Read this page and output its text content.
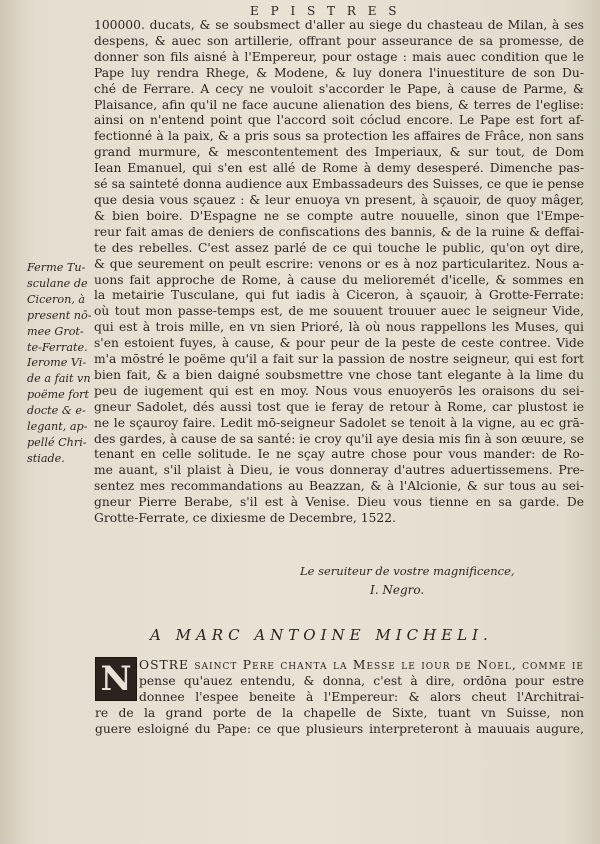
E P I S T R E S
100000. ducats, & se soubsmect d'aller au siege du chasteau de Milan, à ses
despens, & auec son artillerie, offrant pour asseurance de sa promesse, de
donner son fils aisné à l'Empereur, pour ostage : mais auec condition que le
Pape luy rendra Rhege, & Modene, & luy donera l'inuestiture de son Du-
ché de Ferrare. A cecy ne vouloit s'accorder le Pape, à cause de Parme, &
Plaisance, afin qu'il ne face aucune alienation des biens, & terres de l'eglise:
ainsi on n'entend point que l'accord soit cóclud encore. Le Pape est fort af-
fectionné à la paix, & a pris sous sa protection les affaires de Frâce, non sans
grand murmure, & mescontentement des Imperiaux, & sur tout, de Dom
Iean Emanuel, qui s'en est allé de Rome à demy desesperé. Dimenche pas-
sé sa sainteté donna audience aux Embassadeurs des Suisses, ce que ie pense
que desia vous sçauez : & leur enuoya vn present, à sçauoir, de quoy mâger,
& bien boire. D'Espagne ne se compte autre nouuelle, sinon que l'Empe-
reur fait amas de deniers de confiscations des bannis, & de la ruine & deffai-
te des rebelles. C'est assez parlé de ce qui touche le public, qu'on oyt dire,
& que seurement on peult escrire: venons or es à noz particularitez. Nous a-
uons fait approche de Rome, à cause du melioremét d'icelle, & sommes en
la metairie Tusculane, qui fut iadis à Ciceron, à sçauoir, à Grotte-Ferrate:
où tout mon passe-temps est, de me souuent trouuer auec le seigneur Vide,
qui est à trois mille, en vn sien Prioré, là où nous rappellons les Muses, qui
s'en estoient fuyes, à cause, & pour peur de la peste de ceste contree. Vide
m'a mōstré le poëme qu'il a fait sur la passion de nostre seigneur, qui est fort
bien fait, & a bien daigné soubsmettre vne chose tant elegante à la lime du
peu de iugement qui est en moy. Nous vous enuoyerōs les oraisons du sei-
gneur Sadolet, dés aussi tost que ie feray de retour à Rome, car plustost ie
ne le sçauroy faire. Ledit mō-seigneur Sadolet se tenoit à la vigne, au ec grā-
des gardes, à cause de sa santé: ie croy qu'il aye desia mis fin à son œuure, se
tenant en celle solitude. Ie ne sçay autre chose pour vous mander: de Ro-
me auant, s'il plaist à Dieu, ie vous donneray d'autres aduertissemens. Pre-
sentez mes recommandations au Beazzan, & à l'Alcionie, & sur tous au sei-
gneur Pierre Berabe, s'il est à Venise. Dieu vous tienne en sa garde. De
Grotte-Ferrate, ce dixiesme de Decembre, 1522.
Ferme Tu-
sculane de
Ciceron, à
present nō-
mee Grot-
te-Ferrate.
Ierome Vi-
de a fait vn
poëme fort
docte & e-
legant, ap-
pellé Chri-
stiade.
Le seruiteur de vostre magnificence,
I. Negro.
A MARC ANTOINE MICHELI.
N OSTRE sainct Pere chanta la Messe le iour de Noel, comme ie
pense qu'auez entendu, & donna, c'est à dire, ordōna pour estre
donnee l'espee beneite à l'Empereur: & alors cheut l'Architrai-
re de la grand porte de la chapelle de Sixte, tuant vn Suisse, non
guere esloigné du Pape: ce que plusieurs interpreteront à mauuais augure,
